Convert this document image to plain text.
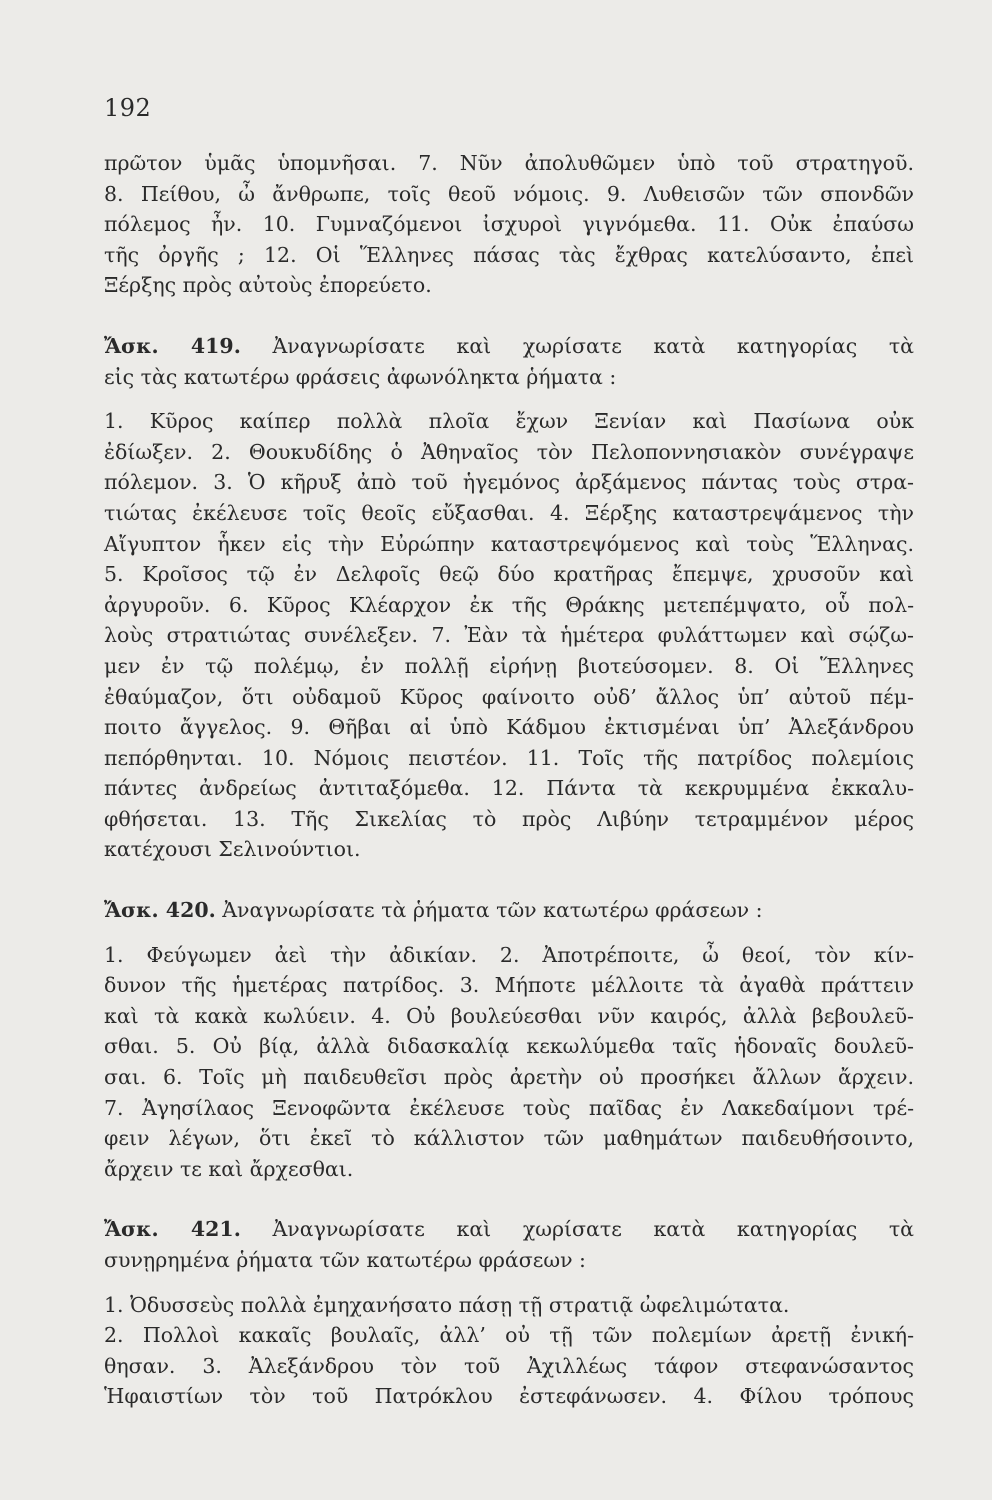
192
πρῶτον ὑμᾶς ὑπομνῆσαι. 7. Νῦν ἀπολυθῶμεν ὑπὸ τοῦ στρατηγοῦ.
8. Πείθου, ὦ ἄνθρωπε, τοῖς θεοῦ νόμοις. 9. Λυθεισῶν τῶν σπονδῶν
πόλεμος ἦν. 10. Γυμναζόμενοι ἰσχυροὶ γιγνόμεθα. 11. Οὐκ ἐπαύσω
τῆς ὀργῆς ; 12. Οἱ Ἕλληνες πάσας τὰς ἔχθρας κατελύσαντο, ἐπεὶ
Ξέρξης πρὸς αὐτοὺς ἐπορεύετο.
Ἄσκ. 419. Ἀναγνωρίσατε καὶ χωρίσατε κατὰ κατηγορίας τὰ
εἰς τὰς κατωτέρω φράσεις ἀφωνόληκτα ῥήματα :
1. Κῦρος καίπερ πολλὰ πλοῖα ἔχων Ξενίαν καὶ Πασίωνα οὐκ
ἐδίωξεν. 2. Θουκυδίδης ὁ Ἀθηναῖος τὸν Πελοποννησιακὸν συνέγραψε
πόλεμον. 3. Ὁ κῆρυξ ἀπὸ τοῦ ἡγεμόνος ἀρξάμενος πάντας τοὺς στρα-
τιώτας ἐκέλευσε τοῖς θεοῖς εὔξασθαι. 4. Ξέρξης καταστρεψάμενος τὴν
Αἴγυπτον ἧκεν εἰς τὴν Εὐρώπην καταστρεψόμενος καὶ τοὺς Ἕλληνας.
5. Κροῖσος τῷ ἐν Δελφοῖς θεῷ δύο κρατῆρας ἔπεμψε, χρυσοῦν καὶ
ἀργυροῦν. 6. Κῦρος Κλέαρχον ἐκ τῆς Θράκης μετεπέμψατο, οὗ πολ-
λοὺς στρατιώτας συνέλεξεν. 7. Ἐὰν τὰ ἡμέτερα φυλάττωμεν καὶ σῴζω-
μεν ἐν τῷ πολέμῳ, ἐν πολλῇ εἰρήνῃ βιοτεύσομεν. 8. Οἱ Ἕλληνες
ἐθαύμαζον, ὅτι οὐδαμοῦ Κῦρος φαίνοιτο οὐδ’ ἄλλος ὑπ’ αὐτοῦ πέμ-
ποιτο ἄγγελος. 9. Θῆβαι αἱ ὑπὸ Κάδμου ἐκτισμέναι ὑπ’ Ἀλεξάνδρου
πεπόρθηνται. 10. Νόμοις πειστέον. 11. Τοῖς τῆς πατρίδος πολεμίοις
πάντες ἀνδρείως ἀντιταξόμεθα. 12. Πάντα τὰ κεκρυμμένα ἐκκαλυ-
φθήσεται. 13. Τῆς Σικελίας τὸ πρὸς Λιβύην τετραμμένον μέρος
κατέχουσι Σελινούντιοι.
Ἄσκ. 420. Ἀναγνωρίσατε τὰ ῥήματα τῶν κατωτέρω φράσεων :
1. Φεύγωμεν ἀεὶ τὴν ἀδικίαν. 2. Ἀποτρέποιτε, ὦ θεοί, τὸν κίν-
δυνον τῆς ἡμετέρας πατρίδος. 3. Μήποτε μέλλοιτε τὰ ἀγαθὰ πράττειν
καὶ τὰ κακὰ κωλύειν. 4. Οὐ βουλεύεσθαι νῦν καιρός, ἀλλὰ βεβουλεῦ-
σθαι. 5. Οὐ βίᾳ, ἀλλὰ διδασκαλίᾳ κεκωλύμεθα ταῖς ἡδοναῖς δουλεῦ-
σαι. 6. Τοῖς μὴ παιδευθεῖσι πρὸς ἀρετὴν οὐ προσήκει ἄλλων ἄρχειν.
7. Ἀγησίλαος Ξενοφῶντα ἐκέλευσε τοὺς παῖδας ἐν Λακεδαίμονι τρέ-
φειν λέγων, ὅτι ἐκεῖ τὸ κάλλιστον τῶν μαθημάτων παιδευθήσοιντο,
ἄρχειν τε καὶ ἄρχεσθαι.
Ἄσκ. 421. Ἀναγνωρίσατε καὶ χωρίσατε κατὰ κατηγορίας τὰ
συνῃρημένα ῥήματα τῶν κατωτέρω φράσεων :
1. Ὀδυσσεὺς πολλὰ ἐμηχανήσατο πάσῃ τῇ στρατιᾷ ὠφελιμώτατα.
2. Πολλοὶ κακαῖς βουλαῖς, ἀλλ’ οὐ τῇ τῶν πολεμίων ἀρετῇ ἐνική-
θησαν. 3. Ἀλεξάνδρου τὸν τοῦ Ἀχιλλέως τάφον στεφανώσαντος
Ἡφαιστίων τὸν τοῦ Πατρόκλου ἐστεφάνωσεν. 4. Φίλου τρόπους
